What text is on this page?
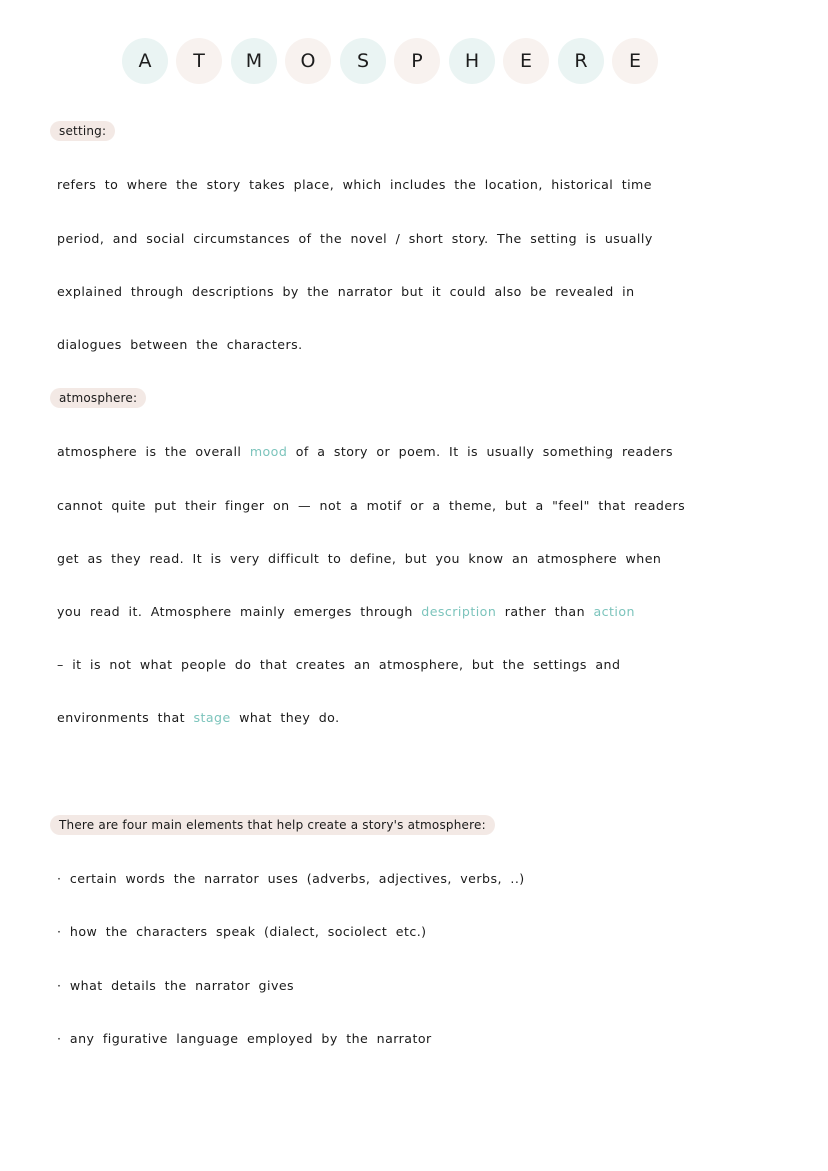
A	T	M	O	S	P	H	E	R	E
setting:
refers to where the story takes place, which includes the location, historical time
period, and social circumstances of the novel / short story. The setting is usually
explained through descriptions by the narrator but it could also be revealed in
dialogues between the characters.
atmosphere:
atmosphere is the overall mood of a story or poem. It is usually something readers
cannot quite put their finger on — not a motif or a theme, but a "feel" that readers
get as they read. It is very difficult to define, but you know an atmosphere when
you read it. Atmosphere mainly emerges through description rather than action
– it is not what people do that creates an atmosphere, but the settings and
environments that stage what they do.
There are four main elements that help create a story's atmosphere:
· certain words the narrator uses (adverbs, adjectives, verbs, ..)
· how the characters speak (dialect, sociolect etc.)
· what details the narrator gives
· any figurative language employed by the narrator
